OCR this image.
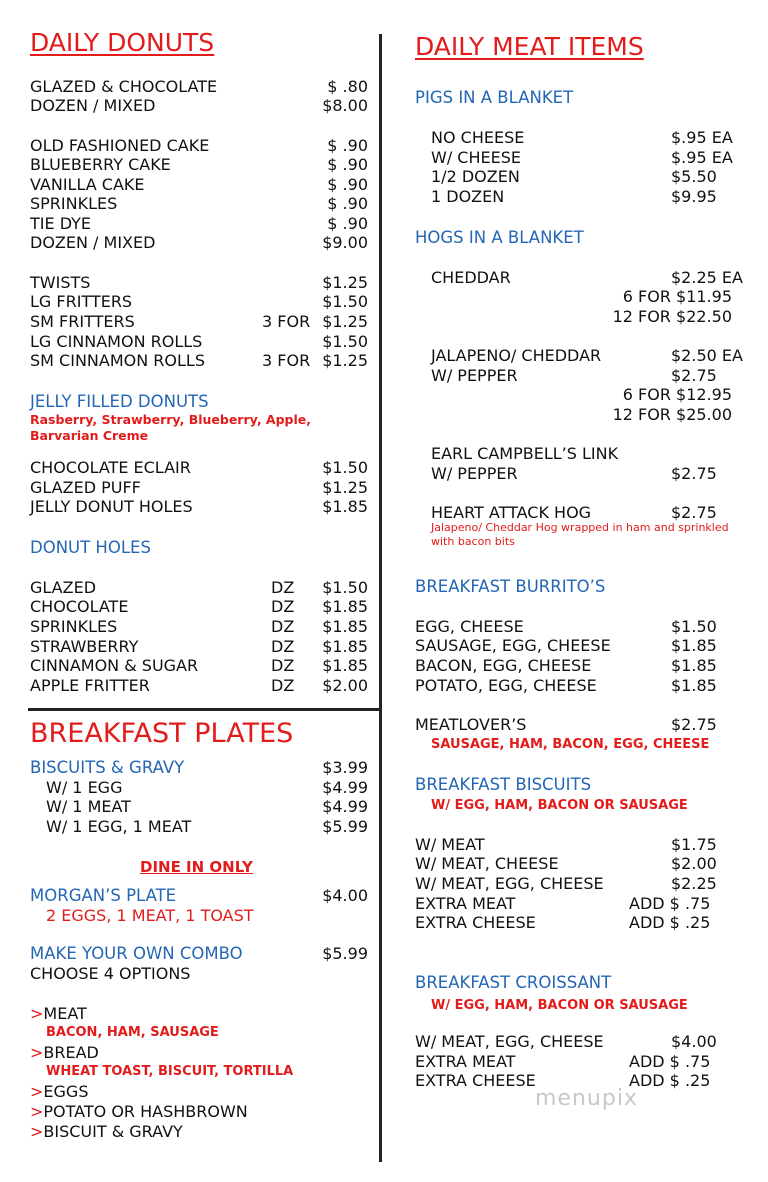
DAILY DONUTS
GLAZED & CHOCOLATE	$ .80
DOZEN / MIXED	$8.00
OLD FASHIONED CAKE	$ .90
BLUEBERRY CAKE	$ .90
VANILLA CAKE	$ .90
SPRINKLES	$ .90
TIE DYE	$ .90
DOZEN / MIXED	$9.00
TWISTS	$1.25
LG FRITTERS	$1.50
SM FRITTERS	3 FOR $1.25
LG CINNAMON ROLLS	$1.50
SM CINNAMON ROLLS	3 FOR $1.25
JELLY FILLED DONUTS
Rasberry, Strawberry, Blueberry, Apple,
Barvarian Creme
CHOCOLATE ECLAIR	$1.50
GLAZED PUFF	$1.25
JELLY DONUT HOLES	$1.85
DONUT HOLES
GLAZED	DZ $1.50
CHOCOLATE	DZ $1.85
SPRINKLES	DZ $1.85
STRAWBERRY	DZ $1.85
CINNAMON & SUGAR	DZ $1.85
APPLE FRITTER	DZ $2.00
BREAKFAST PLATES
BISCUITS & GRAVY	$3.99
W/ 1 EGG	$4.99
W/ 1 MEAT	$4.99
W/ 1 EGG, 1 MEAT	$5.99
DINE IN ONLY
MORGAN’S PLATE	$4.00
2 EGGS, 1 MEAT, 1 TOAST
MAKE YOUR OWN COMBO	$5.99
CHOOSE 4 OPTIONS
>MEAT
BACON, HAM, SAUSAGE
>BREAD
WHEAT TOAST, BISCUIT, TORTILLA
>EGGS
>POTATO OR HASHBROWN
>BISCUIT & GRAVY
DAILY MEAT ITEMS
PIGS IN A BLANKET
NO CHEESE	$.95 EA
W/ CHEESE	$.95 EA
1/2 DOZEN	$5.50
1 DOZEN	$9.95
HOGS IN A BLANKET
CHEDDAR	$2.25 EA
6 FOR $11.95
12 FOR $22.50
JALAPENO/ CHEDDAR	$2.50 EA
W/ PEPPER	$2.75
6 FOR $12.95
12 FOR $25.00
EARL CAMPBELL’S LINK
W/ PEPPER	$2.75
HEART ATTACK HOG	$2.75
Jalapeno/ Cheddar Hog wrapped in ham and sprinkled
with bacon bits
BREAKFAST BURRITO’S
EGG, CHEESE	$1.50
SAUSAGE, EGG, CHEESE	$1.85
BACON, EGG, CHEESE	$1.85
POTATO, EGG, CHEESE	$1.85
MEATLOVER’S	$2.75
SAUSAGE, HAM, BACON, EGG, CHEESE
BREAKFAST BISCUITS
W/ EGG, HAM, BACON OR SAUSAGE
W/ MEAT	$1.75
W/ MEAT, CHEESE	$2.00
W/ MEAT, EGG, CHEESE	$2.25
EXTRA MEAT	ADD $ .75
EXTRA CHEESE	ADD $ .25
BREAKFAST CROISSANT
W/ EGG, HAM, BACON OR SAUSAGE
W/ MEAT, EGG, CHEESE	$4.00
EXTRA MEAT	ADD $ .75
EXTRA CHEESE	ADD $ .25
menupix
